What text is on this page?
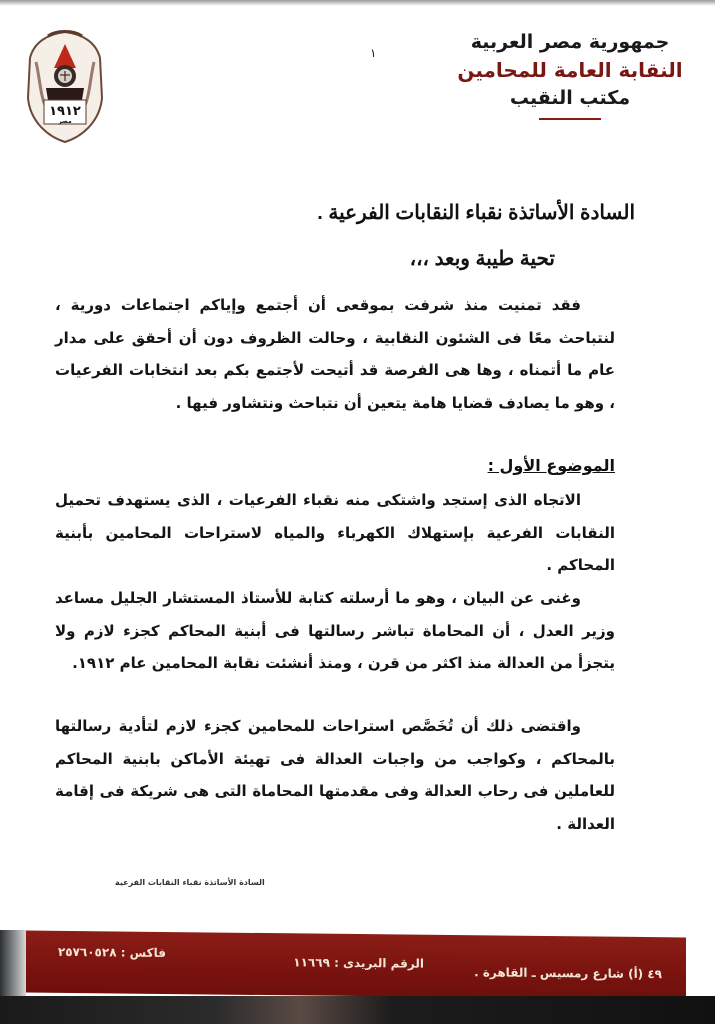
١٩١٢
مصر
١	جمهورية مصر العربية
النقابة العامة للمحامين
مكتب النقيب
السادة الأساتذة نقباء النقابات الفرعية .
تحية طيبة وبعد ،،،
فقد تمنيت منذ شرفت بموقعى أن أجتمع وإياكم اجتماعات دورية ، لنتباحث معًا فى الشئون النقابية ، وحالت الظروف دون أن أحقق على مدار عام ما أتمناه ، وها هى الفرصة قد أتيحت لأجتمع بكم بعد انتخابات الفرعيات ، وهو ما يصادف قضايا هامة يتعين أن نتباحث ونتشاور فيها .
الموضوع الأول :
الاتجاه الذى إستجد واشتكى منه نقباء الفرعيات ، الذى يستهدف تحميل النقابات الفرعية بإستهلاك الكهرباء والمياه لاستراحات المحامين بأبنية المحاكم .
وغنى عن البيان ، وهو ما أرسلته كتابة للأستاذ المستشار الجليل مساعد وزير العدل ، أن المحاماة تباشر رسالتها فى أبنية المحاكم كجزء لازم ولا يتجزأ من العدالة منذ اكثر من قرن ، ومنذ أنشئت نقابة المحامين عام ١٩١٢.
واقتضى ذلك أن تُخَصَّص استراحات للمحامين كجزء لازم لتأدية رسالتها بالمحاكم ، وكواجب من واجبات العدالة فى تهيئة الأماكن بابنية المحاكم للعاملين فى رحاب العدالة وفى مقدمتها المحاماة التى هى شريكة فى إقامة العدالة .
السادة الأساتذة نقباء النقابات الفرعية
٤٩ (أ) شارع رمسيس ـ القاهرة .
الرقم البريدى : ١١٦٦٩
فاكس : ٢٥٧٦٠٥٢٨
